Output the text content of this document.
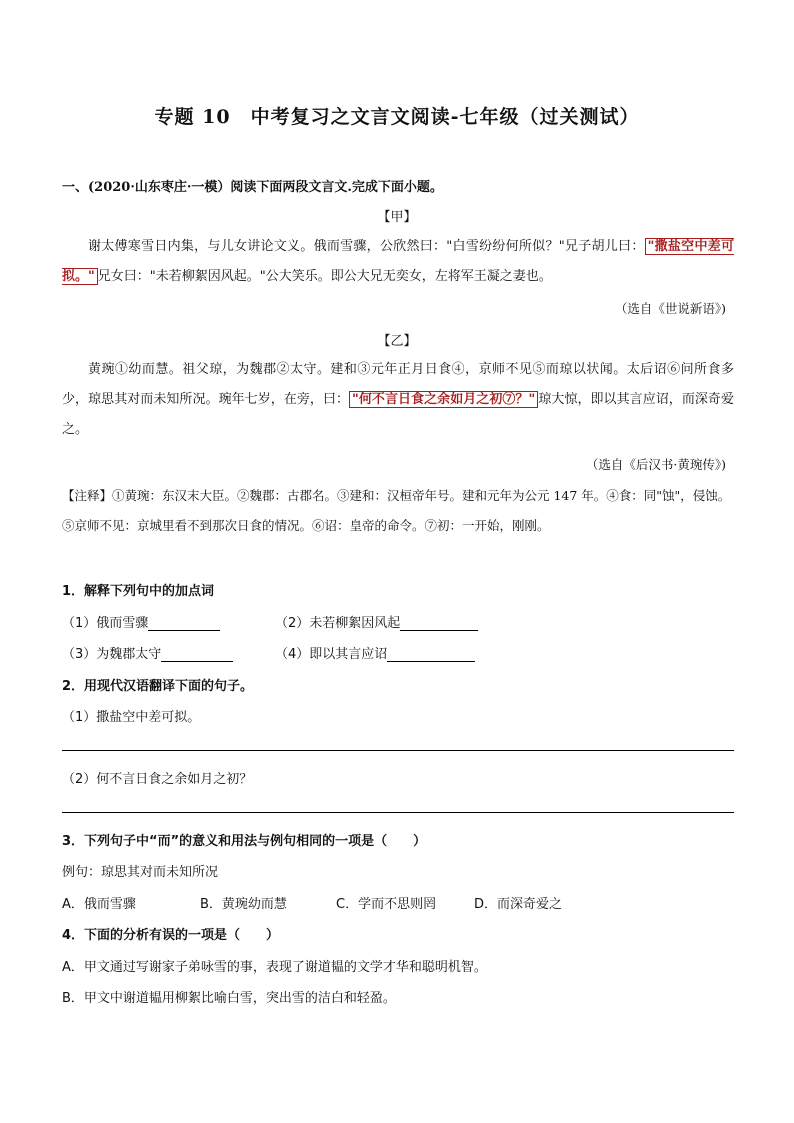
专题 10　中考复习之文言文阅读-七年级（过关测试）
一、(2020·山东枣庄·一模）阅读下面两段文言文.完成下面小题。
【甲】
谢太傅寒雪日内集，与儿女讲论文义。俄而雪骤，公欣然曰："白雪纷纷何所似？"兄子胡儿曰： "撒盐空中差可拟。" 兄女曰："未若柳絮因风起。"公大笑乐。即公大兄无奕女，左将军王凝之妻也。
（选自《世说新语》)
【乙】
黄琬①幼而慧。祖父琼，为魏郡②太守。建和③元年正月日食④，京师不见⑤而琼以状闻。太后诏⑥问所食多少，琼思其对而未知所况。琬年七岁，在旁，曰： "何不言日食之余如月之初⑦？" 琼大惊，即以其言应诏，而深奇爱之。
（选自《后汉书·黄琬传》)
【注释】①黄琬：东汉末大臣。②魏郡：古郡名。③建和：汉桓帝年号。建和元年为公元 147 年。④食：同"蚀"，侵蚀。⑤京师不见：京城里看不到那次日食的情况。⑥诏：皇帝的命令。⑦初：一开始，刚刚。
1．解释下列句中的加点词
（1）俄而雪骤	（2）未若柳絮因风起
（3）为魏郡太守	（4）即以其言应诏
2．用现代汉语翻译下面的句子。
（1）撒盐空中差可拟。
（2）何不言日食之余如月之初？
3．下列句子中“而”的意义和用法与例句相同的一项是（　　）
例句：琼思其对而未知所况
A．俄而雪骤	B．黄琬幼而慧	C．学而不思则罔	D．而深奇爱之
4．下面的分析有误的一项是（　　）
A．甲文通过写谢家子弟咏雪的事，表现了谢道韫的文学才华和聪明机智。
B．甲文中谢道韫用柳絮比喻白雪，突出雪的洁白和轻盈。
